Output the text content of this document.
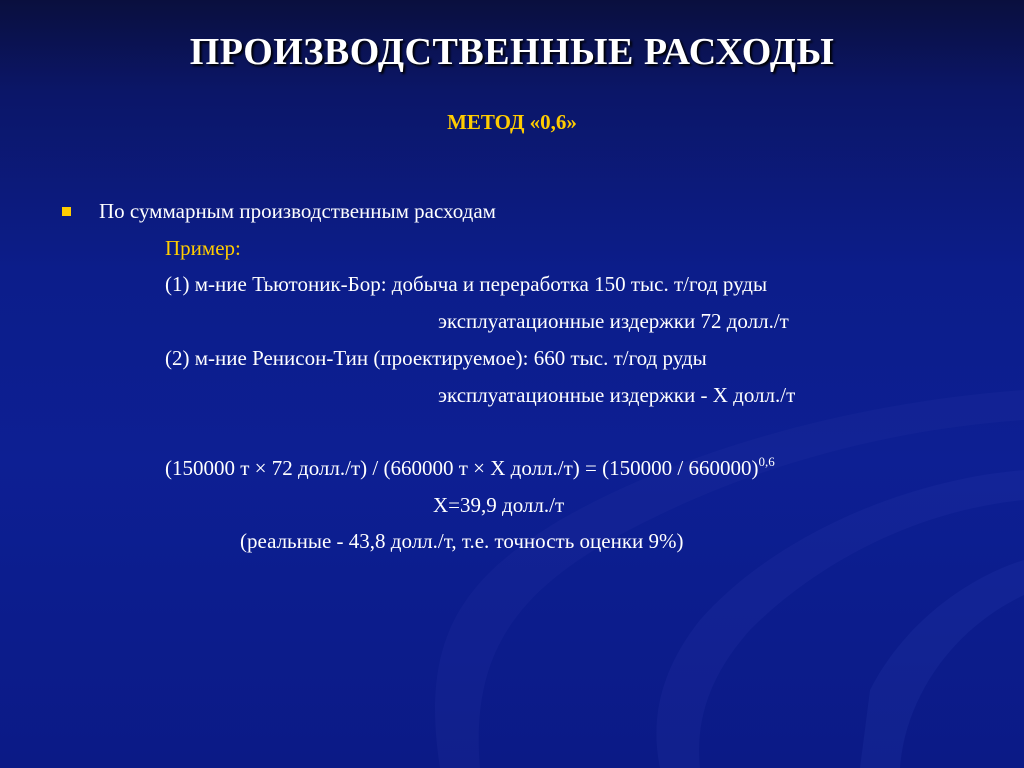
ПРОИЗВОДСТВЕННЫЕ РАСХОДЫ
МЕТОД «0,6»
По суммарным производственным расходам
Пример:
(1) м-ние Тьютоник-Бор: добыча и переработка 150 тыс. т/год руды
эксплуатационные издержки 72 долл./т
(2) м-ние Ренисон-Тин (проектируемое): 660 тыс. т/год руды
эксплуатационные издержки - Х долл./т
(150000 т × 72 долл./т) / (660000 т × Х долл./т) = (150000 / 660000)$^{0,6}$
Х=39,9 долл./т
(реальные - 43,8 долл./т, т.е. точность оценки 9%)
